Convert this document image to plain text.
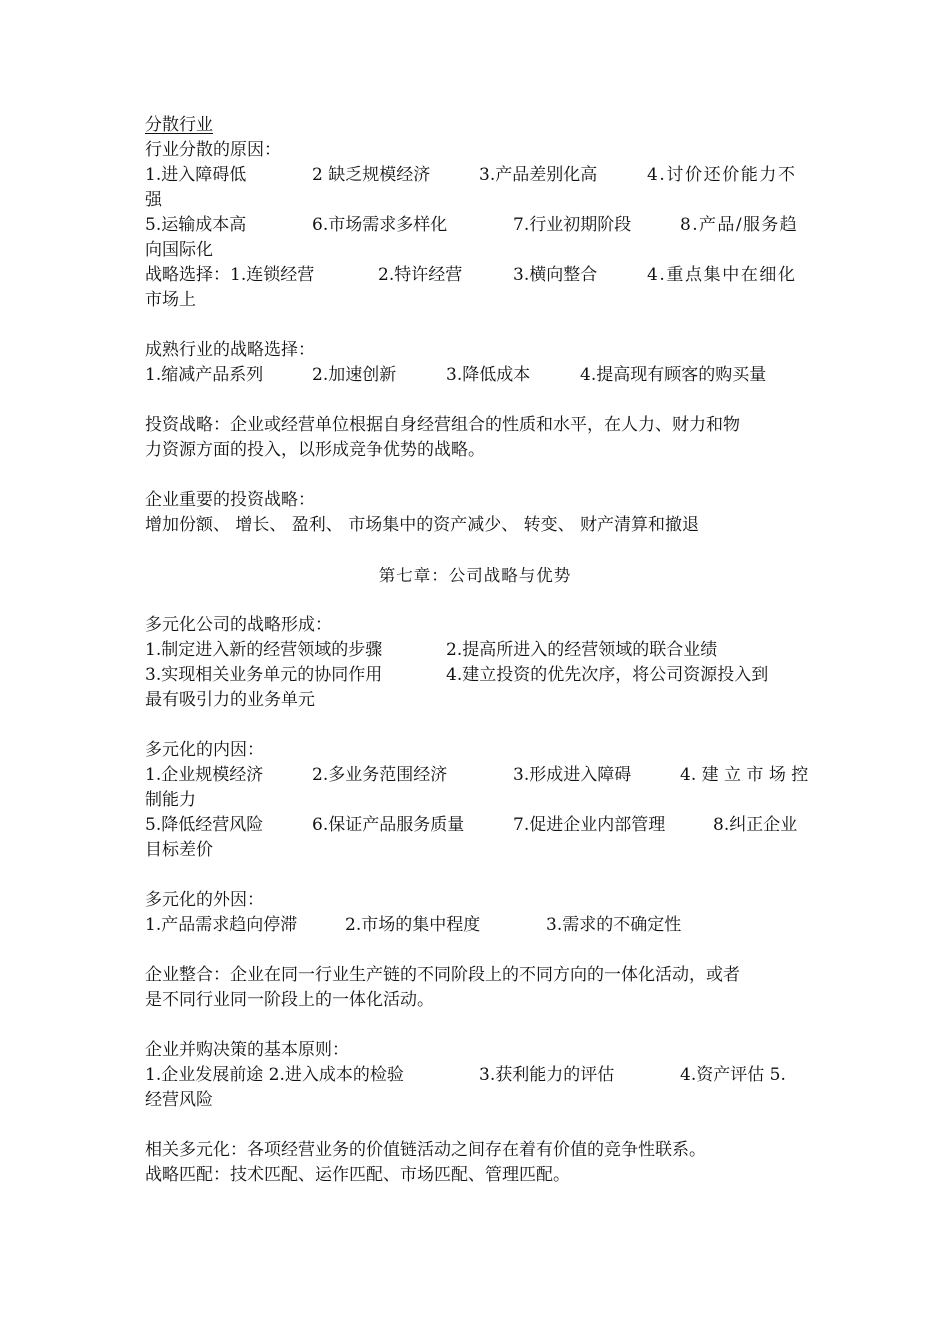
分散行业
行业分散的原因：
1.进入障碍低	2 缺乏规模经济	3.产品差别化高	4.讨价还价能力不
强
5.运输成本高	6.市场需求多样化	7.行业初期阶段	8.产品/服务趋
向国际化
战略选择：1.连锁经营	2.特许经营	3.横向整合	4.重点集中在细化
市场上
成熟行业的战略选择：
1.缩减产品系列	2.加速创新	3.降低成本	4.提高现有顾客的购买量
投资战略：企业或经营单位根据自身经营组合的性质和水平，在人力、财力和物
力资源方面的投入，以形成竞争优势的战略。
企业重要的投资战略：
增加份额、 增长、 盈利、 市场集中的资产减少、 转变、 财产清算和撤退
第七章：公司战略与优势
多元化公司的战略形成：
1.制定进入新的经营领域的步骤	2.提高所进入的经营领域的联合业绩
3.实现相关业务单元的协同作用	4.建立投资的优先次序，将公司资源投入到
最有吸引力的业务单元
多元化的内因：
1.企业规模经济	2.多业务范围经济	3.形成进入障碍	4. 建 立 市 场 控
制能力
5.降低经营风险	6.保证产品服务质量	7.促进企业内部管理	8.纠正企业
目标差价
多元化的外因：
1.产品需求趋向停滞	2.市场的集中程度	3.需求的不确定性
企业整合：企业在同一行业生产链的不同阶段上的不同方向的一体化活动，或者
是不同行业同一阶段上的一体化活动。
企业并购决策的基本原则：
1.企业发展前途 2.进入成本的检验	3.获利能力的评估	4.资产评估 5.
经营风险
相关多元化：各项经营业务的价值链活动之间存在着有价值的竞争性联系。
战略匹配：技术匹配、运作匹配、市场匹配、管理匹配。
